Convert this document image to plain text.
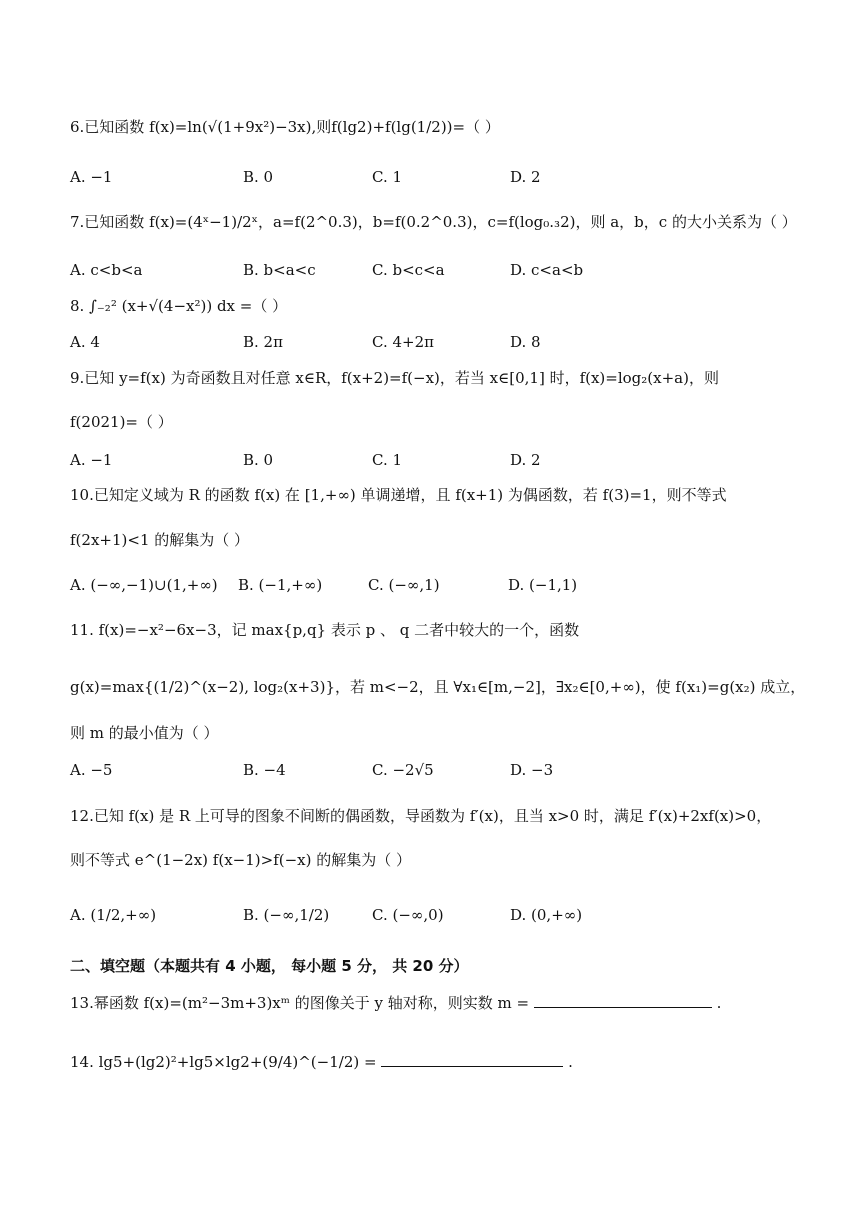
6.已知函数 f(x)=ln(√(1+9x²)−3x),则f(lg2)+f(lg(1/2))=（ ）
A. −1	B. 0	C. 1	D. 2
7.已知函数 f(x)=(4ˣ−1)/2ˣ，a=f(2^0.3)，b=f(0.2^0.3)，c=f(log₀.₃2)，则 a，b，c 的大小关系为（ ）
A. c<b<a	B. b<a<c	C. b<c<a	D. c<a<b
8. ∫₋₂² (x+√(4−x²)) dx =（ ）
A. 4	B. 2π	C. 4+2π	D. 8
9.已知 y=f(x) 为奇函数且对任意 x∈R，f(x+2)=f(−x)，若当 x∈[0,1] 时，f(x)=log₂(x+a)，则
f(2021)=（ ）
A. −1	B. 0	C. 1	D. 2
10.已知定义域为 R 的函数 f(x) 在 [1,+∞) 单调递增，且 f(x+1) 为偶函数，若 f(3)=1，则不等式
f(2x+1)<1 的解集为（ ）
A. (−∞,−1)∪(1,+∞) B. (−1,+∞)	C. (−∞,1)	D. (−1,1)
11. f(x)=−x²−6x−3，记 max{p,q} 表示 p 、 q 二者中较大的一个，函数
g(x)=max{(1/2)^(x−2), log₂(x+3)}，若 m<−2，且 ∀x₁∈[m,−2]，∃x₂∈[0,+∞)，使 f(x₁)=g(x₂) 成立，
则 m 的最小值为（ ）
A. −5	B. −4	C. −2√5	D. −3
12.已知 f(x) 是 R 上可导的图象不间断的偶函数，导函数为 f′(x)，且当 x>0 时，满足 f′(x)+2xf(x)>0，
则不等式 e^(1−2x) f(x−1)>f(−x) 的解集为（ ）
A. (1/2,+∞)	B. (−∞,1/2)	C. (−∞,0)	D. (0,+∞)
二、填空题（本题共有 4 小题， 每小题 5 分， 共 20 分）
13.幂函数 f(x)=(m²−3m+3)xᵐ 的图像关于 y 轴对称，则实数 m =	.
14. lg5+(lg2)²+lg5×lg2+(9/4)^(−1/2) =	.
